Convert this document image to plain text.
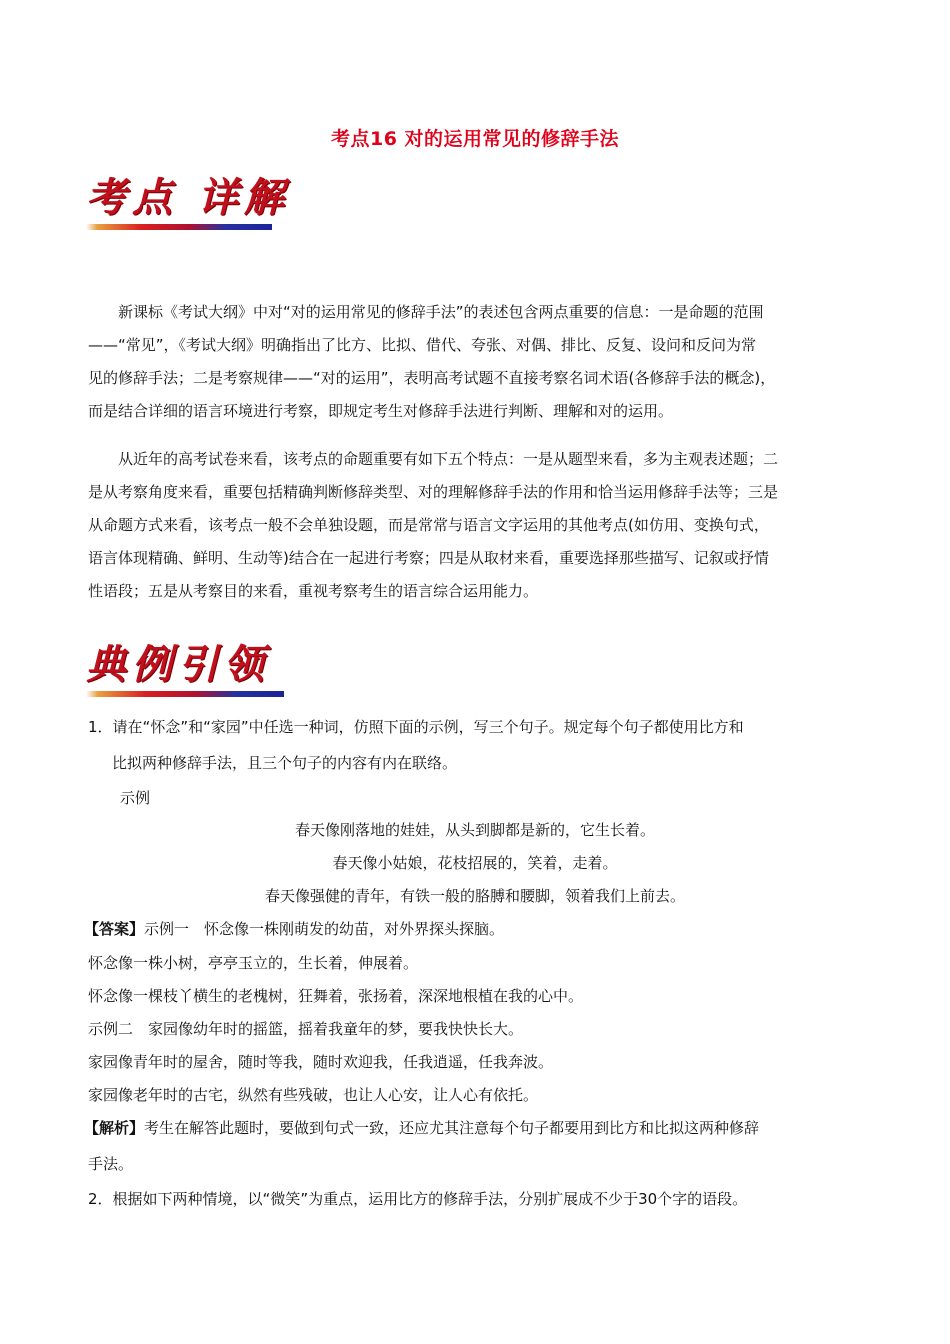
考点16 对的运用常见的修辞手法
考点 详解
新课标《考试大纲》中对“对的运用常见的修辞手法”的表述包含两点重要的信息：一是命题的范围
——“常见”，《考试大纲》明确指出了比方、比拟、借代、夸张、对偶、排比、反复、设问和反问为常
见的修辞手法；二是考察规律——“对的运用”，表明高考试题不直接考察名词术语(各修辞手法的概念)，
而是结合详细的语言环境进行考察，即规定考生对修辞手法进行判断、理解和对的运用。
从近年的高考试卷来看，该考点的命题重要有如下五个特点：一是从题型来看，多为主观表述题；二
是从考察角度来看，重要包括精确判断修辞类型、对的理解修辞手法的作用和恰当运用修辞手法等；三是
从命题方式来看，该考点一般不会单独设题，而是常常与语言文字运用的其他考点(如仿用、变换句式，
语言体现精确、鲜明、生动等)结合在一起进行考察；四是从取材来看，重要选择那些描写、记叙或抒情
性语段；五是从考察目的来看，重视考察考生的语言综合运用能力。
典例引领
1．请在“怀念”和“家园”中任选一种词，仿照下面的示例，写三个句子。规定每个句子都使用比方和
比拟两种修辞手法，且三个句子的内容有内在联络。
示例
春天像刚落地的娃娃，从头到脚都是新的，它生长着。
春天像小姑娘，花枝招展的，笑着，走着。
春天像强健的青年，有铁一般的胳膊和腰脚，领着我们上前去。
【答案】示例一　怀念像一株刚萌发的幼苗，对外界探头探脑。
怀念像一株小树，亭亭玉立的，生长着，伸展着。
怀念像一棵枝丫横生的老槐树，狂舞着，张扬着，深深地根植在我的心中。
示例二　家园像幼年时的摇篮，摇着我童年的梦，要我快快长大。
家园像青年时的屋舍，随时等我，随时欢迎我，任我逍遥，任我奔波。
家园像老年时的古宅，纵然有些残破，也让人心安，让人心有依托。
【解析】考生在解答此题时，要做到句式一致，还应尤其注意每个句子都要用到比方和比拟这两种修辞
手法。
2．根据如下两种情境，以“微笑”为重点，运用比方的修辞手法，分别扩展成不少于30个字的语段。
